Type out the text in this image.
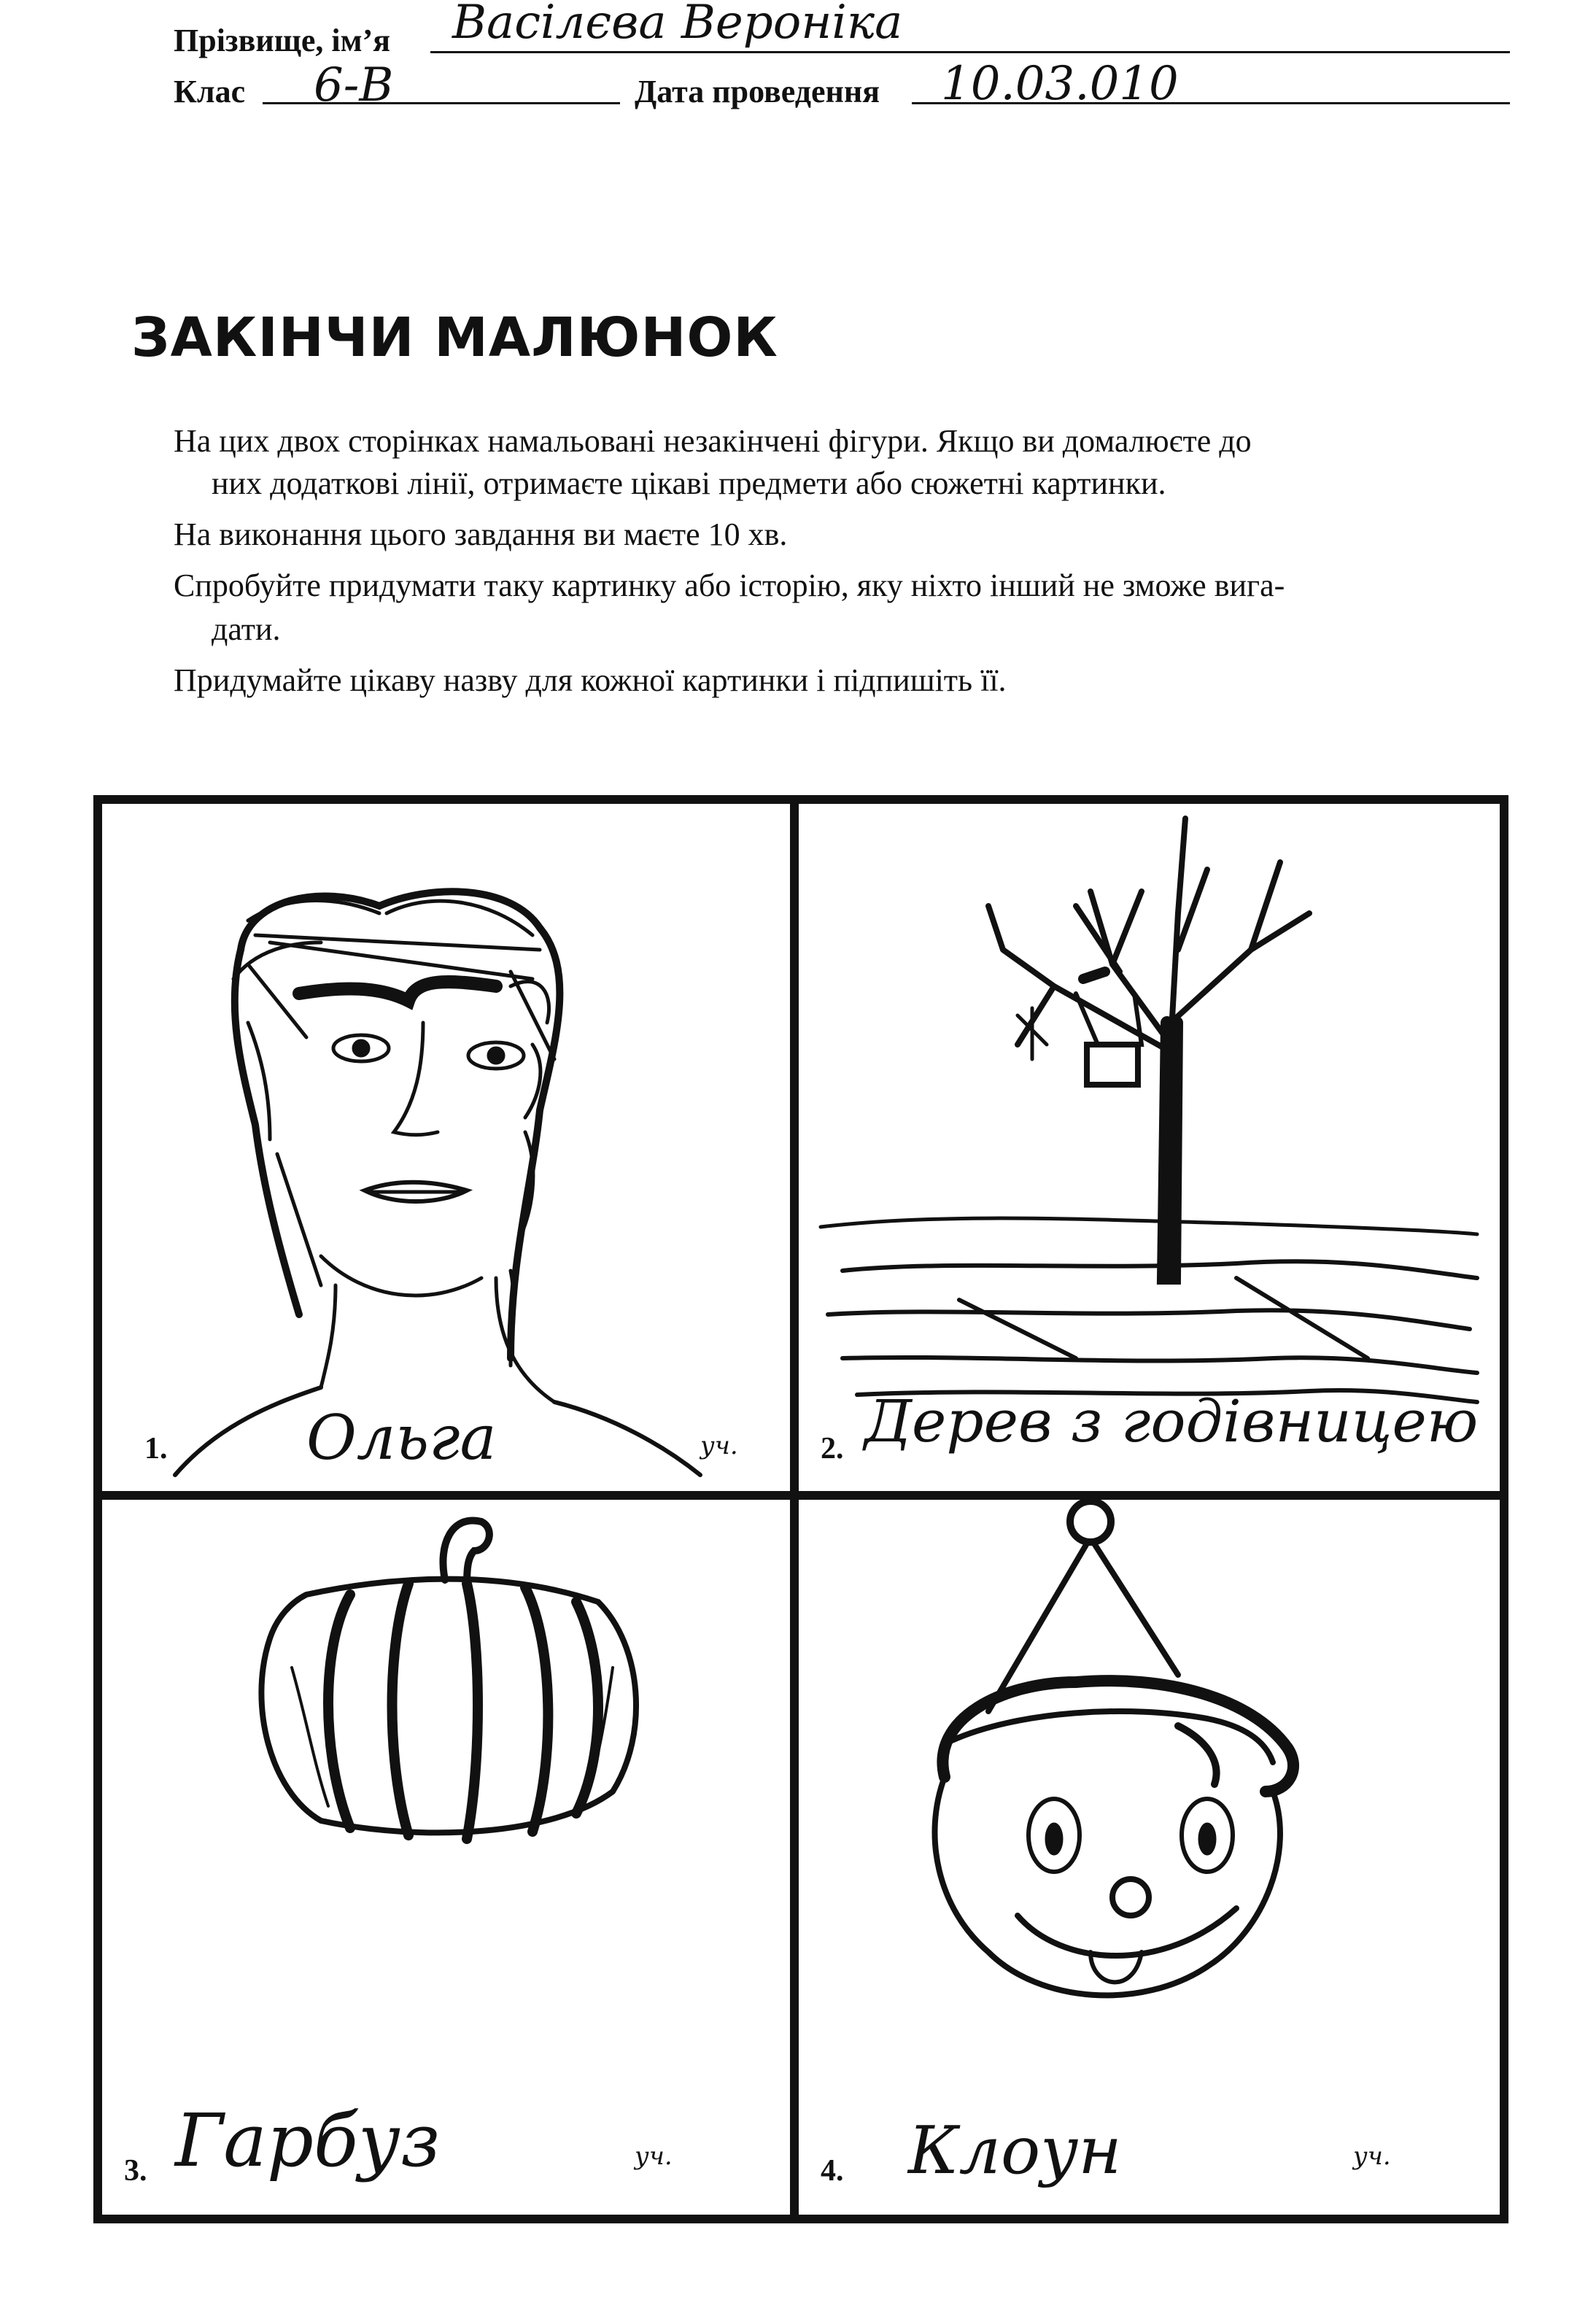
Прізвище, ім’я Васілєва Вероніка
Клас 6-В	Дата проведення 10.03.010
ЗАКІНЧИ МАЛЮНОК
На цих двох сторінках намальовані незакінчені фігури. Якщо ви домалюєте до
них додаткові лінії, отримаєте цікаві предмети або сюжетні картинки.
На виконання цього завдання ви маєте 10 хв.
Спробуйте придумати таку картинку або історію, яку ніхто інший не зможе вига-
дати.
Придумайте цікаву назву для кожної картинки і підпишіть її.
1. Ольга	уч.	2. Дерев з годівницею
3. Гарбуз	уч.	4. Клоун	уч.
